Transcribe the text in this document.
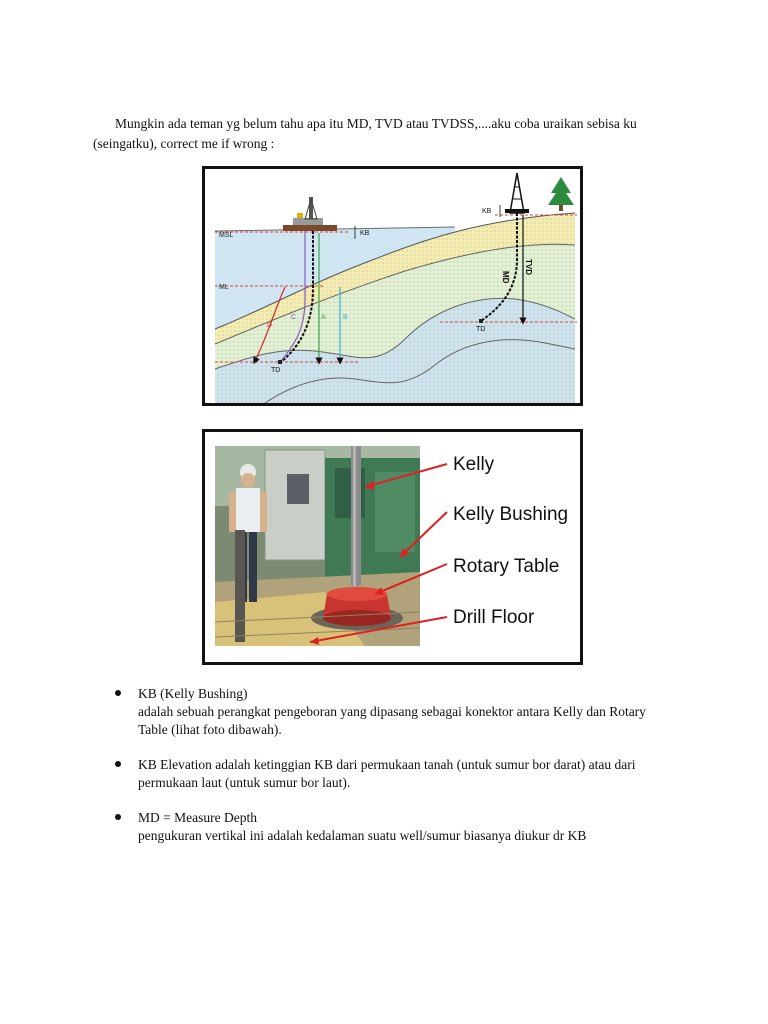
Mungkin ada teman yg belum tahu apa itu MD, TVD atau TVDSS,....aku coba uraikan sebisa ku (seingatku), correct me if wrong :

MSL
ML
KB
TD
A B
C
D
KB
TD
MD
TVD
Kelly
Kelly Bushing
Rotary Table
Drill Floor
KB (Kelly Bushing)
adalah sebuah perangkat pengeboran yang dipasang sebagai konektor antara Kelly dan Rotary Table (lihat foto dibawah).
KB Elevation adalah ketinggian KB dari permukaan tanah (untuk sumur bor darat) atau dari permukaan laut (untuk sumur bor laut).
MD = Measure Depth
pengukuran vertikal ini adalah kedalaman suatu well/sumur biasanya diukur dr KB
